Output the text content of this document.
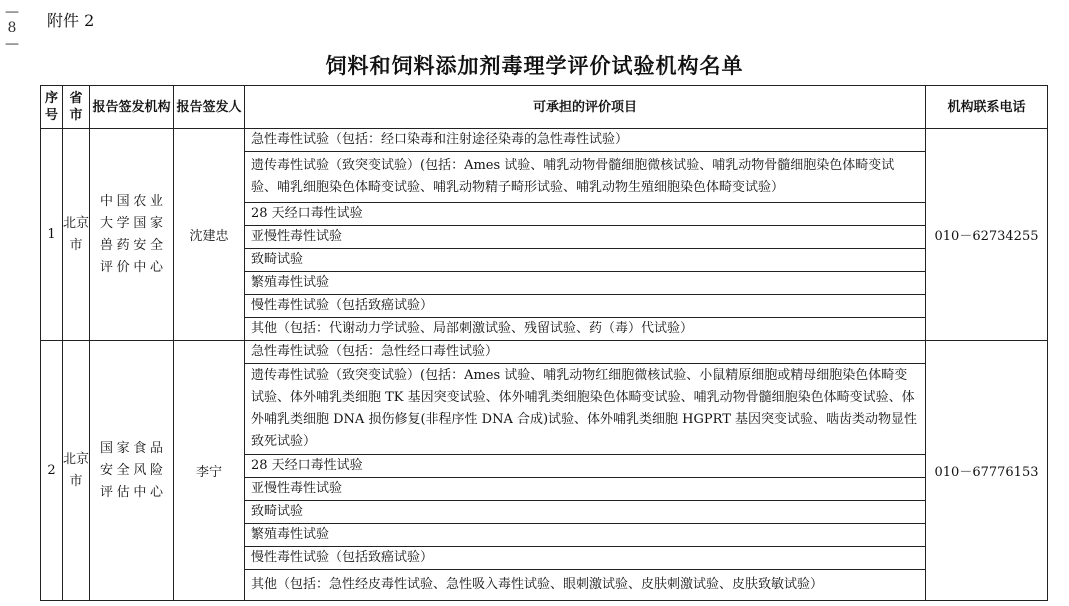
—
8
—
附件 2
饲料和饲料添加剂毒理学评价试验机构名单
序号	省市	报告签发机构	报告签发人	可承担的评价项目	机构联系电话
1	北京市	中国农业大学国家兽药安全评价中心	沈建忠	急性毒性试验（包括：经口染毒和注射途径染毒的急性毒性试验）	010－62734255
				遗传毒性试验（致突变试验）(包括：Ames 试验、哺乳动物骨髓细胞微核试验、哺乳动物骨髓细胞染色体畸变试验、哺乳细胞染色体畸变试验、哺乳动物精子畸形试验、哺乳动物生殖细胞染色体畸变试验）	
				28 天经口毒性试验	
				亚慢性毒性试验	
				致畸试验	
				繁殖毒性试验	
				慢性毒性试验（包括致癌试验）	
				其他（包括：代谢动力学试验、局部刺激试验、残留试验、药（毒）代试验）	
2	北京市	国家食品安全风险评估中心	李宁	急性毒性试验（包括：急性经口毒性试验）	010－67776153
				遗传毒性试验（致突变试验）(包括：Ames 试验、哺乳动物红细胞微核试验、小鼠精原细胞或精母细胞染色体畸变试验、体外哺乳类细胞 TK 基因突变试验、体外哺乳类细胞染色体畸变试验、哺乳动物骨髓细胞染色体畸变试验、体外哺乳类细胞 DNA 损伤修复(非程序性 DNA 合成)试验、体外哺乳类细胞 HGPRT 基因突变试验、啮齿类动物显性致死试验）	
				28 天经口毒性试验	
				亚慢性毒性试验	
				致畸试验	
				繁殖毒性试验	
				慢性毒性试验（包括致癌试验）	
				其他（包括：急性经皮毒性试验、急性吸入毒性试验、眼刺激试验、皮肤刺激试验、皮肤致敏试验）	
